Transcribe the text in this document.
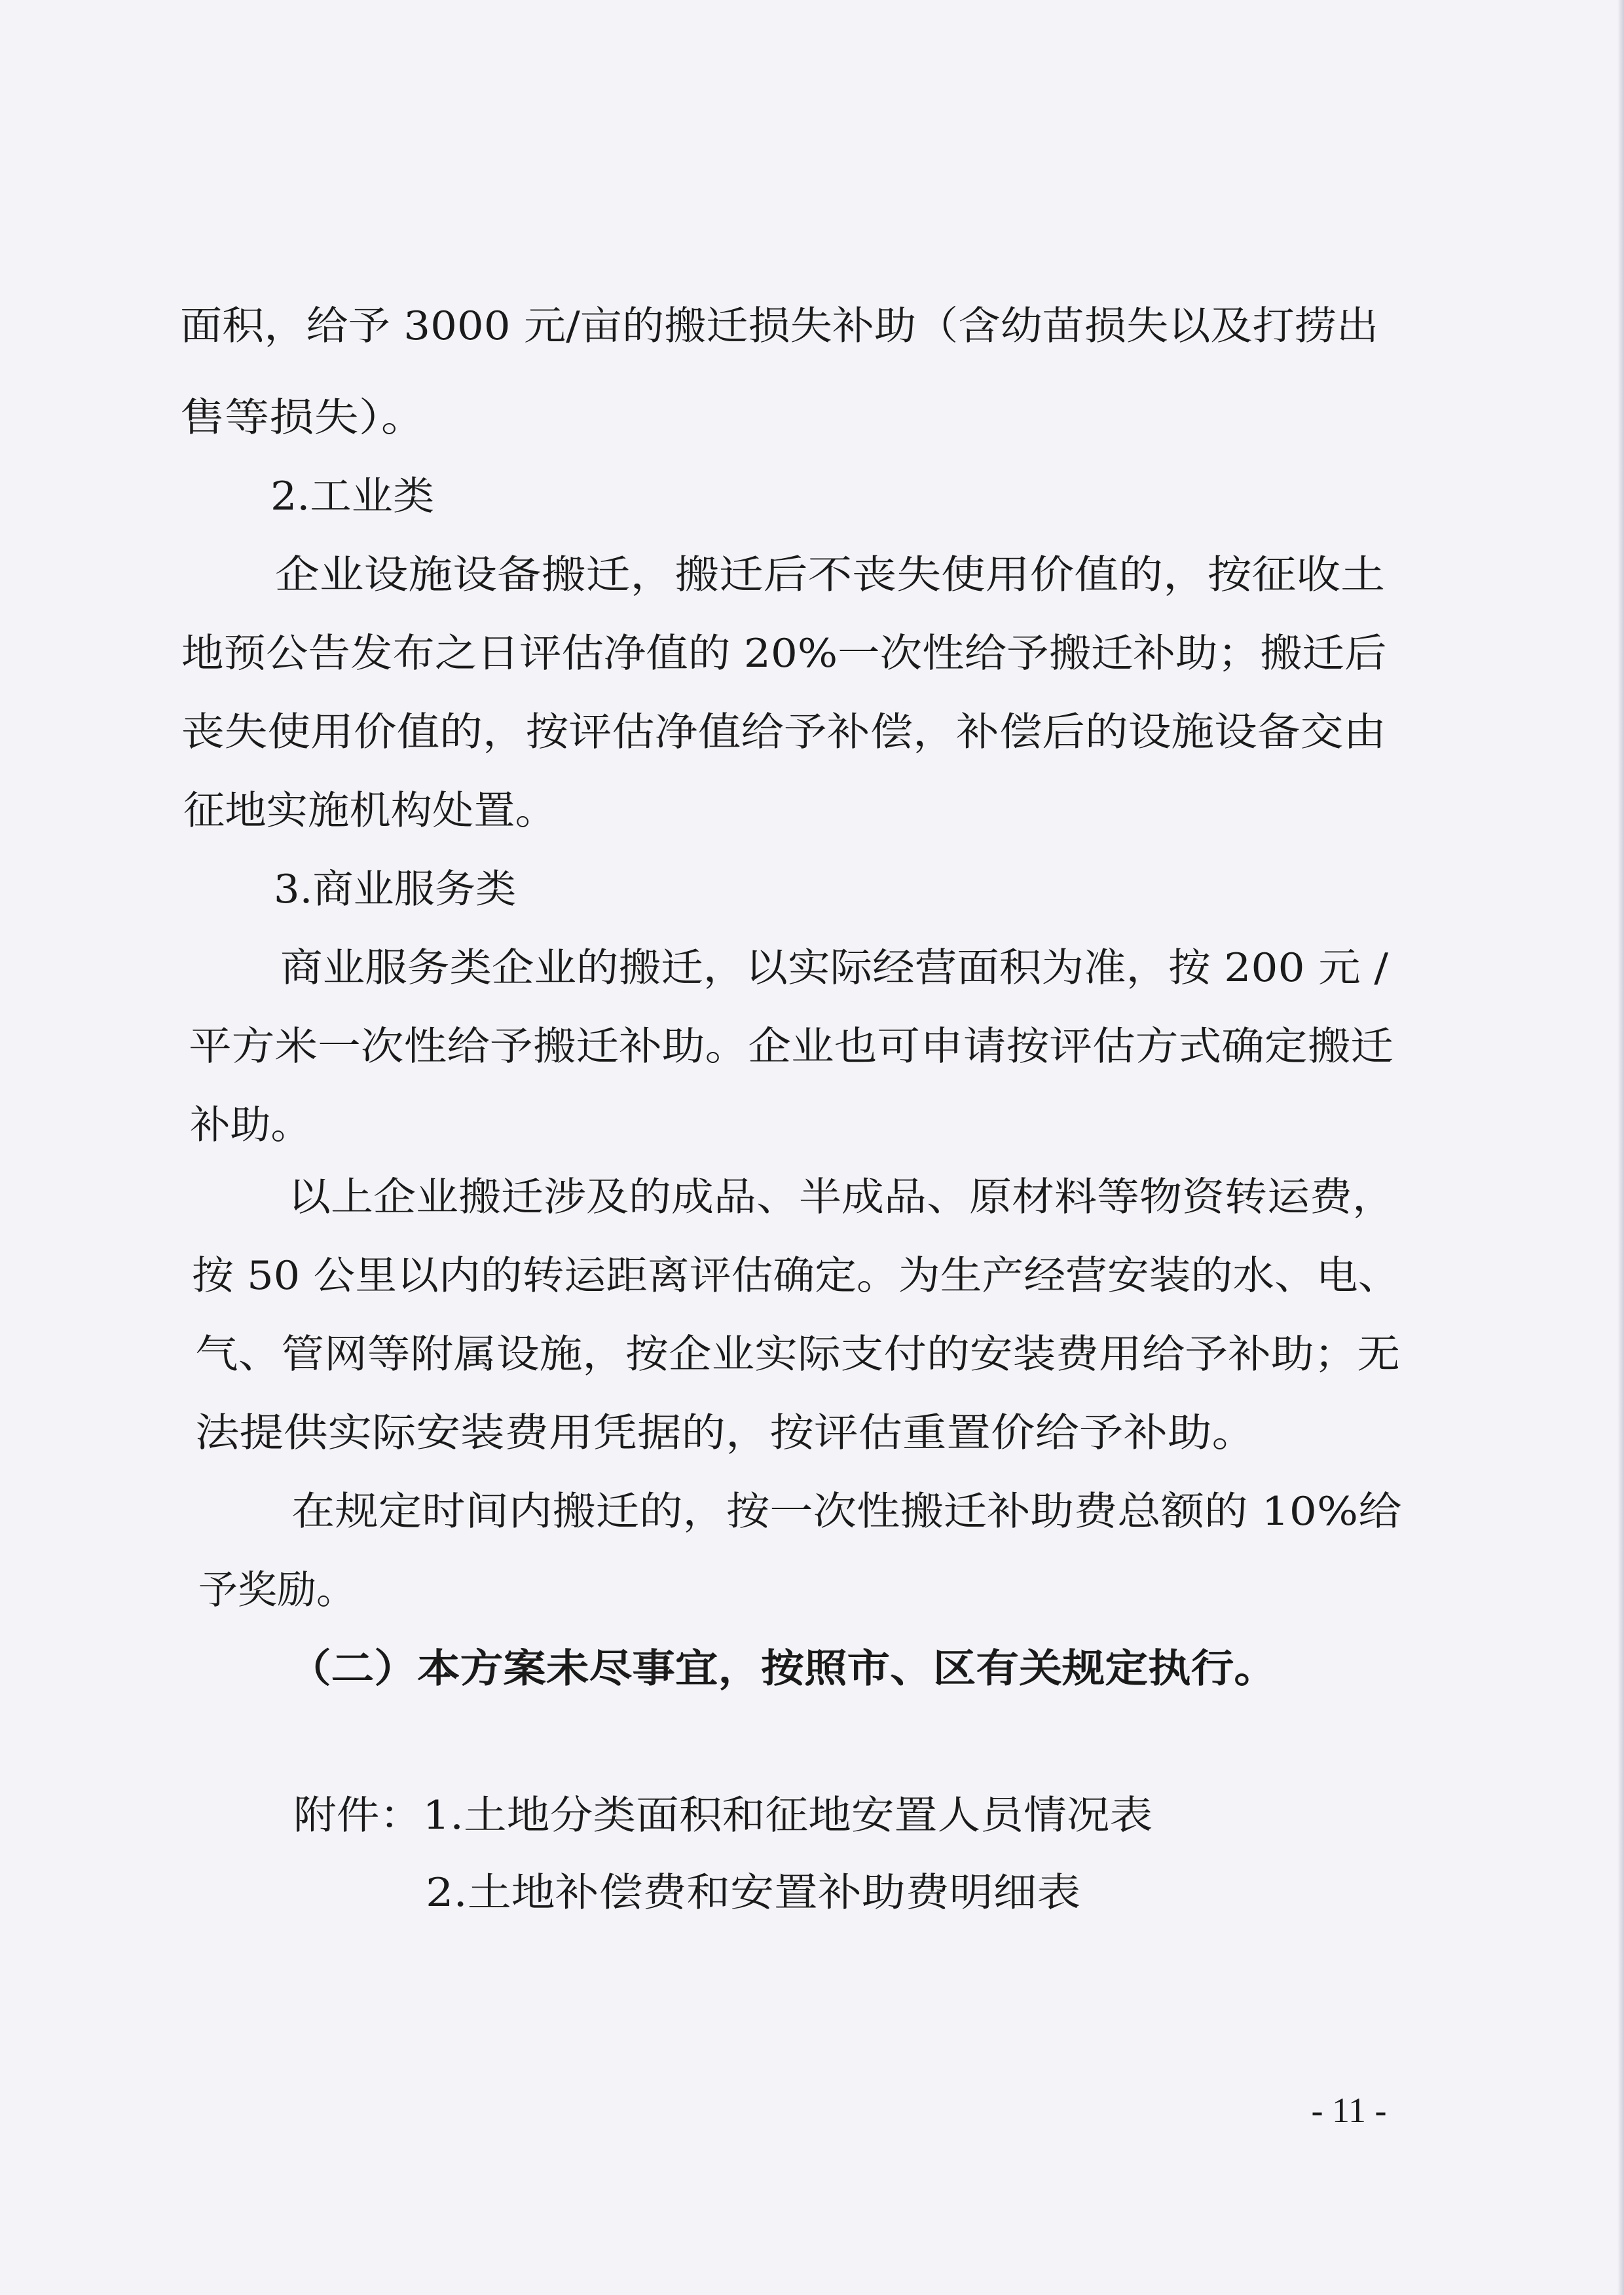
面积，给予 3000 元/亩的搬迁损失补助（含幼苗损失以及打捞出
售等损失）。
2.工业类
企业设施设备搬迁，搬迁后不丧失使用价值的，按征收土
地预公告发布之日评估净值的 20%一次性给予搬迁补助；搬迁后
丧失使用价值的，按评估净值给予补偿，补偿后的设施设备交由
征地实施机构处置。
3.商业服务类
商业服务类企业的搬迁，以实际经营面积为准，按 200 元 /
平方米一次性给予搬迁补助。企业也可申请按评估方式确定搬迁
补助。
以上企业搬迁涉及的成品、半成品、原材料等物资转运费，
按 50 公里以内的转运距离评估确定。为生产经营安装的水、电、
气、管网等附属设施，按企业实际支付的安装费用给予补助；无
法提供实际安装费用凭据的，按评估重置价给予补助。
在规定时间内搬迁的，按一次性搬迁补助费总额的 10%给
予奖励。
（二）本方案未尽事宜，按照市、区有关规定执行。
附件：1.土地分类面积和征地安置人员情况表
2.土地补偿费和安置补助费明细表
- 11 -
